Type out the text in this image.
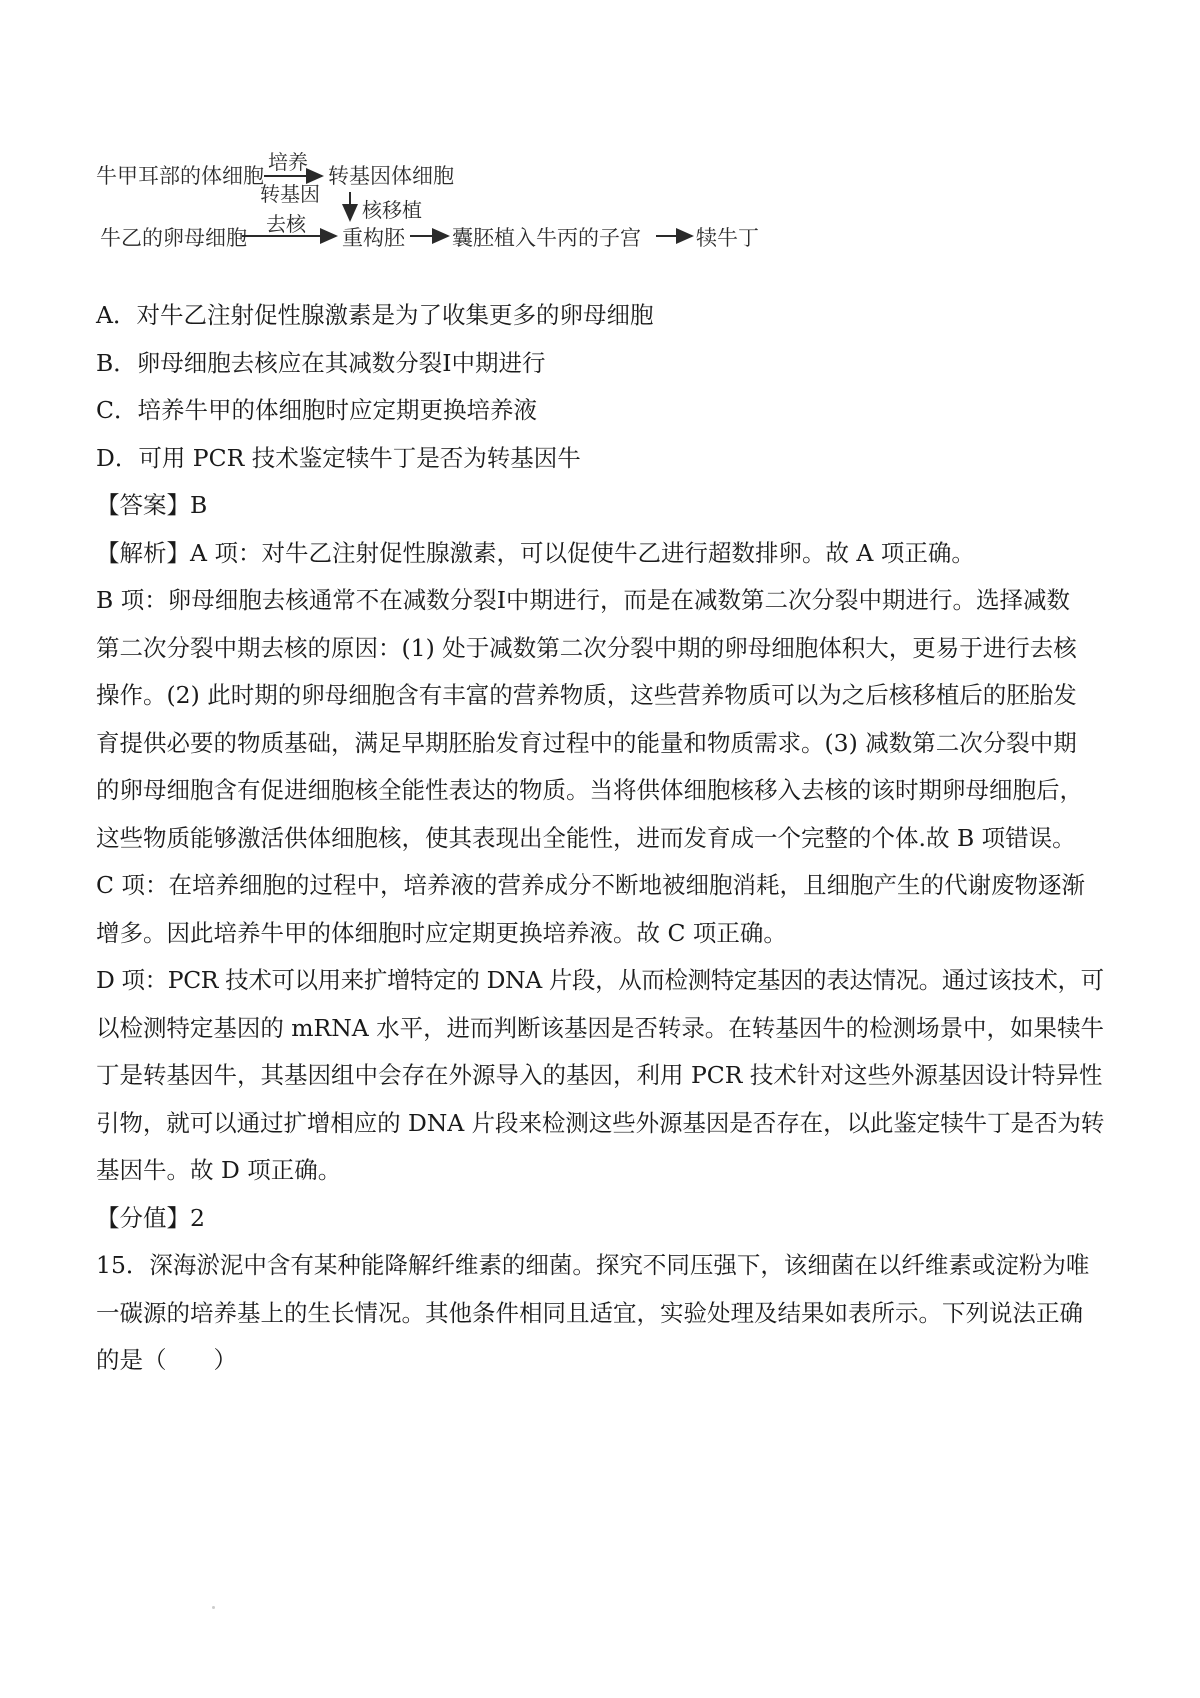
牛甲耳部的体细胞
培养
转基因
转基因体细胞
核移植
牛乙的卵母细胞
去核
重构胚 囊胚植入牛丙的子宫	犊牛丁
A．对牛乙注射促性腺激素是为了收集更多的卵母细胞
B．卵母细胞去核应在其减数分裂Ⅰ中期进行
C．培养牛甲的体细胞时应定期更换培养液
D．可用 PCR 技术鉴定犊牛丁是否为转基因牛
【答案】B
【解析】A 项：对牛乙注射促性腺激素，可以促使牛乙进行超数排卵。故 A 项正确。
B 项：卵母细胞去核通常不在减数分裂Ⅰ中期进行，而是在减数第二次分裂中期进行。选择减数
第二次分裂中期去核的原因：(1) 处于减数第二次分裂中期的卵母细胞体积大，更易于进行去核
操作。(2) 此时期的卵母细胞含有丰富的营养物质，这些营养物质可以为之后核移植后的胚胎发
育提供必要的物质基础，满足早期胚胎发育过程中的能量和物质需求。(3) 减数第二次分裂中期
的卵母细胞含有促进细胞核全能性表达的物质。当将供体细胞核移入去核的该时期卵母细胞后，
这些物质能够激活供体细胞核，使其表现出全能性，进而发育成一个完整的个体.故 B 项错误。
C 项：在培养细胞的过程中，培养液的营养成分不断地被细胞消耗，且细胞产生的代谢废物逐渐
增多。因此培养牛甲的体细胞时应定期更换培养液。故 C 项正确。
D 项：PCR 技术可以用来扩增特定的 DNA 片段，从而检测特定基因的表达情况。通过该技术，可
以检测特定基因的 mRNA 水平，进而判断该基因是否转录。在转基因牛的检测场景中，如果犊牛
丁是转基因牛，其基因组中会存在外源导入的基因，利用 PCR 技术针对这些外源基因设计特异性
引物，就可以通过扩增相应的 DNA 片段来检测这些外源基因是否存在，以此鉴定犊牛丁是否为转
基因牛。故 D 项正确。
【分值】2
15．深海淤泥中含有某种能降解纤维素的细菌。探究不同压强下，该细菌在以纤维素或淀粉为唯
一碳源的培养基上的生长情况。其他条件相同且适宜，实验处理及结果如表所示。下列说法正确
的是（　　）
